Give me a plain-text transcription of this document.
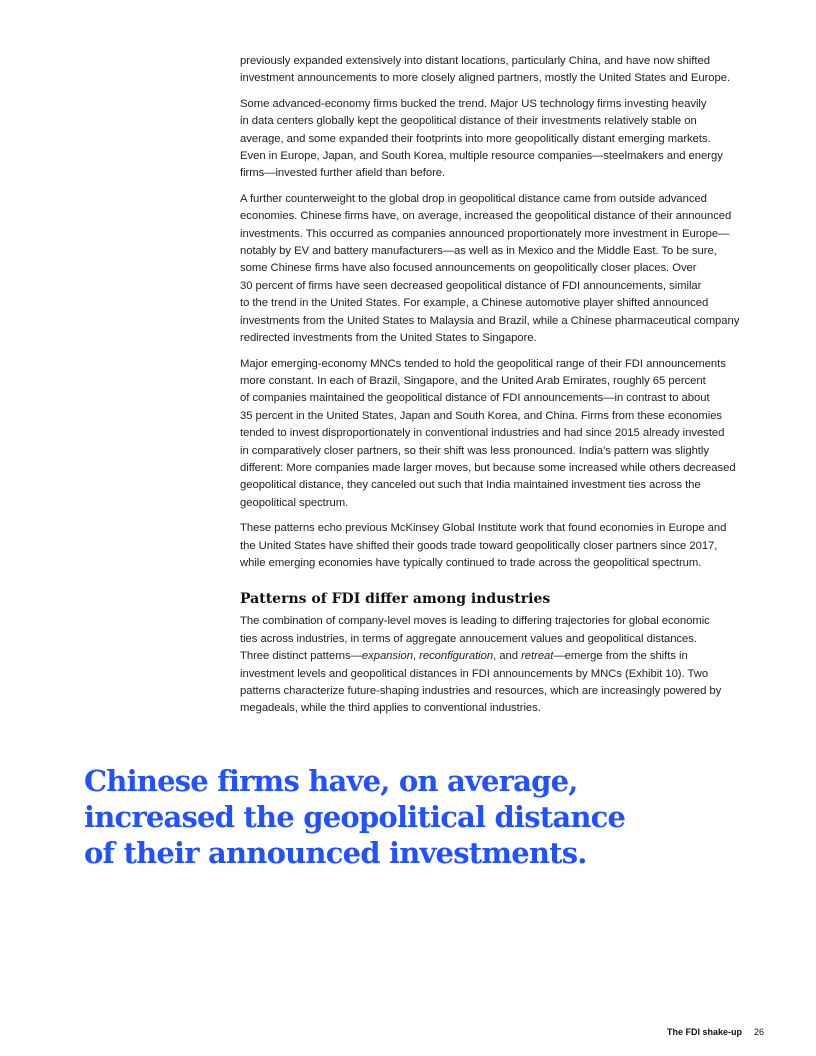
previously expanded extensively into distant locations, particularly China, and have now shifted
investment announcements to more closely aligned partners, mostly the United States and Europe.

Some advanced-economy firms bucked the trend. Major US technology firms investing heavily
in data centers globally kept the geopolitical distance of their investments relatively stable on
average, and some expanded their footprints into more geopolitically distant emerging markets.
Even in Europe, Japan, and South Korea, multiple resource companies—steelmakers and energy
firms—invested further afield than before.

A further counterweight to the global drop in geopolitical distance came from outside advanced
economies. Chinese firms have, on average, increased the geopolitical distance of their announced
investments. This occurred as companies announced proportionately more investment in Europe—
notably by EV and battery manufacturers—as well as in Mexico and the Middle East. To be sure,
some Chinese firms have also focused announcements on geopolitically closer places. Over
30 percent of firms have seen decreased geopolitical distance of FDI announcements, similar
to the trend in the United States. For example, a Chinese automotive player shifted announced
investments from the United States to Malaysia and Brazil, while a Chinese pharmaceutical company
redirected investments from the United States to Singapore.

Major emerging-economy MNCs tended to hold the geopolitical range of their FDI announcements
more constant. In each of Brazil, Singapore, and the United Arab Emirates, roughly 65 percent
of companies maintained the geopolitical distance of FDI announcements—in contrast to about
35 percent in the United States, Japan and South Korea, and China. Firms from these economies
tended to invest disproportionately in conventional industries and had since 2015 already invested
in comparatively closer partners, so their shift was less pronounced. India’s pattern was slightly
different: More companies made larger moves, but because some increased while others decreased
geopolitical distance, they canceled out such that India maintained investment ties across the
geopolitical spectrum.

These patterns echo previous McKinsey Global Institute work that found economies in Europe and
the United States have shifted their goods trade toward geopolitically closer partners since 2017,
while emerging economies have typically continued to trade across the geopolitical spectrum.

Patterns of FDI differ among industries

The combination of company-level moves is leading to differing trajectories for global economic
ties across industries, in terms of aggregate annoucement values and geopolitical distances.
Three distinct patterns—expansion, reconfiguration, and retreat—emerge from the shifts in
investment levels and geopolitical distances in FDI announcements by MNCs (Exhibit 10). Two
patterns characterize future-shaping industries and resources, which are increasingly powered by
megadeals, while the third applies to conventional industries.

Chinese firms have, on average,
increased the geopolitical distance
of their announced investments.
The FDI shake-up 26
